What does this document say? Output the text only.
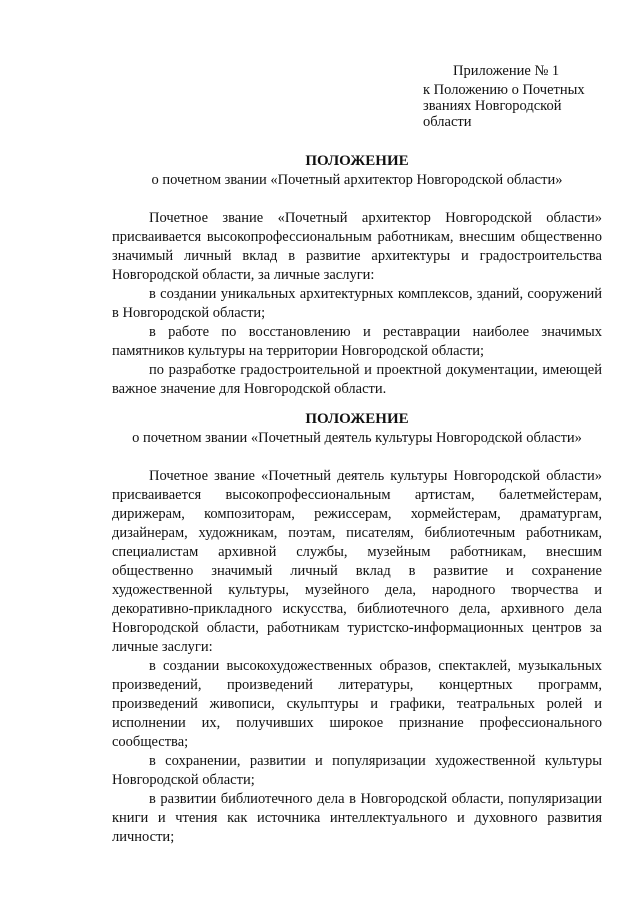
Приложение № 1
к Положению о Почетных
званиях Новгородской
области
ПОЛОЖЕНИЕ
о почетном звании «Почетный архитектор Новгородской области»

Почетное звание «Почетный архитектор Новгородской области» присваивается высокопрофессиональным работникам, внесшим общественно значимый личный вклад в развитие архитектуры и градостроительства Новгородской области, за личные заслуги:

в создании уникальных архитектурных комплексов, зданий, сооружений в Новгородской области;

в работе по восстановлению и реставрации наиболее значимых памятников культуры на территории Новгородской области;

по разработке градостроительной и проектной документации, имеющей важное значение для Новгородской области.

ПОЛОЖЕНИЕ
о почетном звании «Почетный деятель культуры Новгородской области»

Почетное звание «Почетный деятель культуры Новгородской области» присваивается высокопрофессиональным артистам, балетмейстерам, дирижерам, композиторам, режиссерам, хормейстерам, драматургам, дизайнерам, художникам, поэтам, писателям, библиотечным работникам, специалистам архивной службы, музейным работникам, внесшим общественно значимый личный вклад в развитие и сохранение художественной культуры, музейного дела, народного творчества и декоративно-прикладного искусства, библиотечного дела, архивного дела Новгородской области, работникам туристско-информационных центров за личные заслуги:

в создании высокохудожественных образов, спектаклей, музыкальных произведений, произведений литературы, концертных программ, произведений живописи, скульптуры и графики, театральных ролей и исполнении их, получивших широкое признание профессионального сообщества;

в сохранении, развитии и популяризации художественной культуры Новгородской области;

в развитии библиотечного дела в Новгородской области, популяризации книги и чтения как источника интеллектуального и духовного развития личности;
